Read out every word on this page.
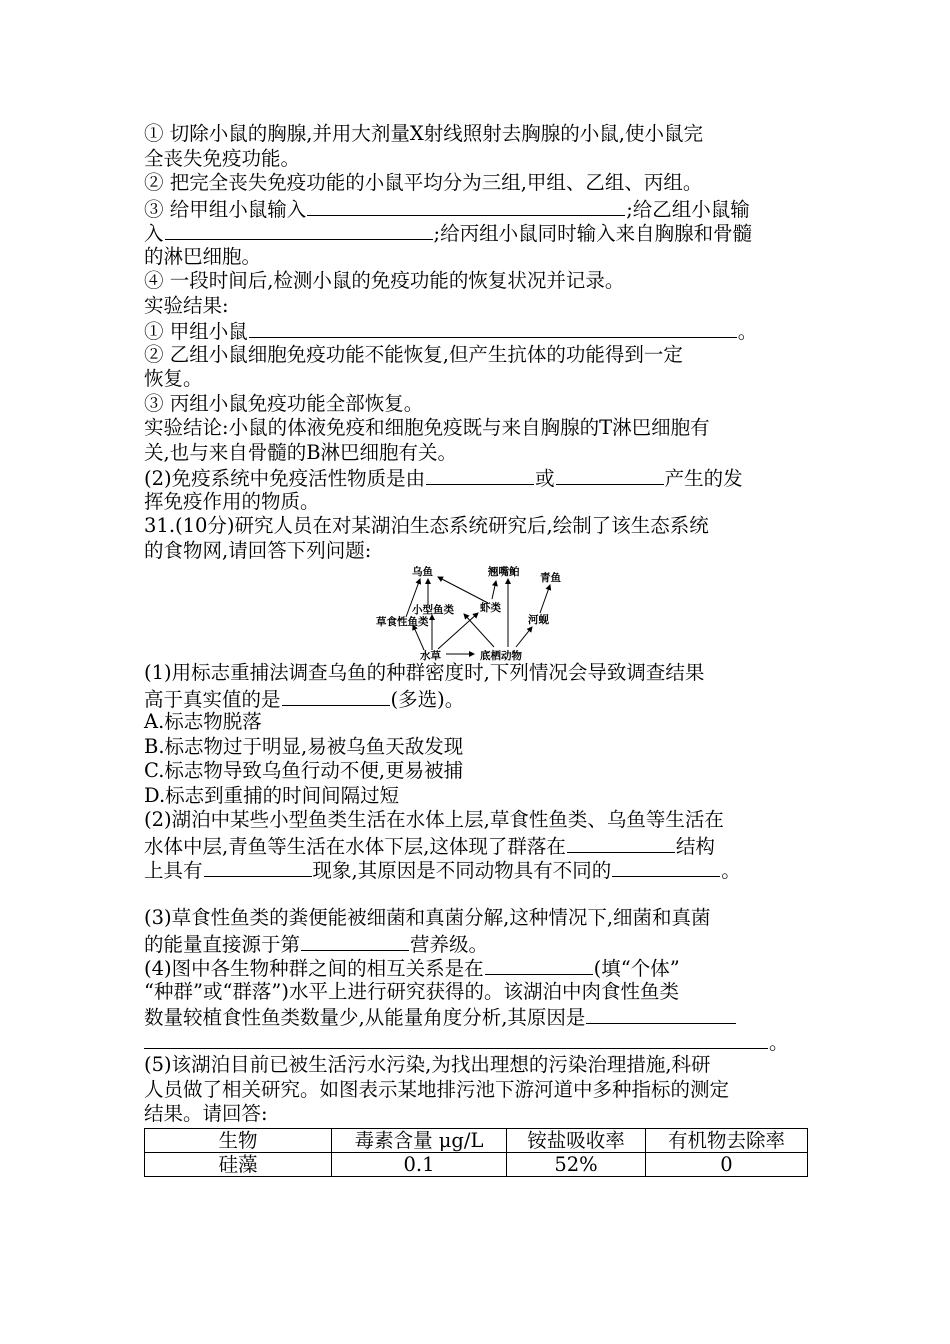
① 切除小鼠的胸腺,并用大剂量X射线照射去胸腺的小鼠,使小鼠完
全丧失免疫功能。
② 把完全丧失免疫功能的小鼠平均分为三组,甲组、乙组、丙组。
③ 给甲组小鼠输入	;给乙组小鼠输
入	;给丙组小鼠同时输入来自胸腺和骨髓
的淋巴细胞。
④ 一段时间后,检测小鼠的免疫功能的恢复状况并记录。
实验结果:
① 甲组小鼠	。
② 乙组小鼠细胞免疫功能不能恢复,但产生抗体的功能得到一定
恢复。
③ 丙组小鼠免疫功能全部恢复。
实验结论:小鼠的体液免疫和细胞免疫既与来自胸腺的T淋巴细胞有
关,也与来自骨髓的B淋巴细胞有关。
(2)免疫系统中免疫活性物质是由	或	产生的发
挥免疫作用的物质。
31.(10分)研究人员在对某湖泊生态系统研究后,绘制了该生态系统
的食物网,请回答下列问题:
乌鱼	翘嘴鲌 青鱼
小型鱼类 虾类
草食性鱼类	河蚬
水草	底栖动物
(1)用标志重捕法调查乌鱼的种群密度时,下列情况会导致调查结果
高于真实值的是	(多选)。
A.标志物脱落
B.标志物过于明显,易被乌鱼天敌发现
C.标志物导致乌鱼行动不便,更易被捕
D.标志到重捕的时间间隔过短
(2)湖泊中某些小型鱼类生活在水体上层,草食性鱼类、乌鱼等生活在
水体中层,青鱼等生活在水体下层,这体现了群落在	结构
上具有	现象,其原因是不同动物具有不同的	。
(3)草食性鱼类的粪便能被细菌和真菌分解,这种情况下,细菌和真菌
的能量直接源于第	营养级。
(4)图中各生物种群之间的相互关系是在	(填“个体”
“种群”或“群落”)水平上进行研究获得的。该湖泊中肉食性鱼类
数量较植食性鱼类数量少,从能量角度分析,其原因是
。
(5)该湖泊目前已被生活污水污染,为找出理想的污染治理措施,科研
人员做了相关研究。如图表示某地排污池下游河道中多种指标的测定
结果。请回答:
生物	毒素含量 μg/L	铵盐吸收率	有机物去除率
硅藻	0.1	52%	0
